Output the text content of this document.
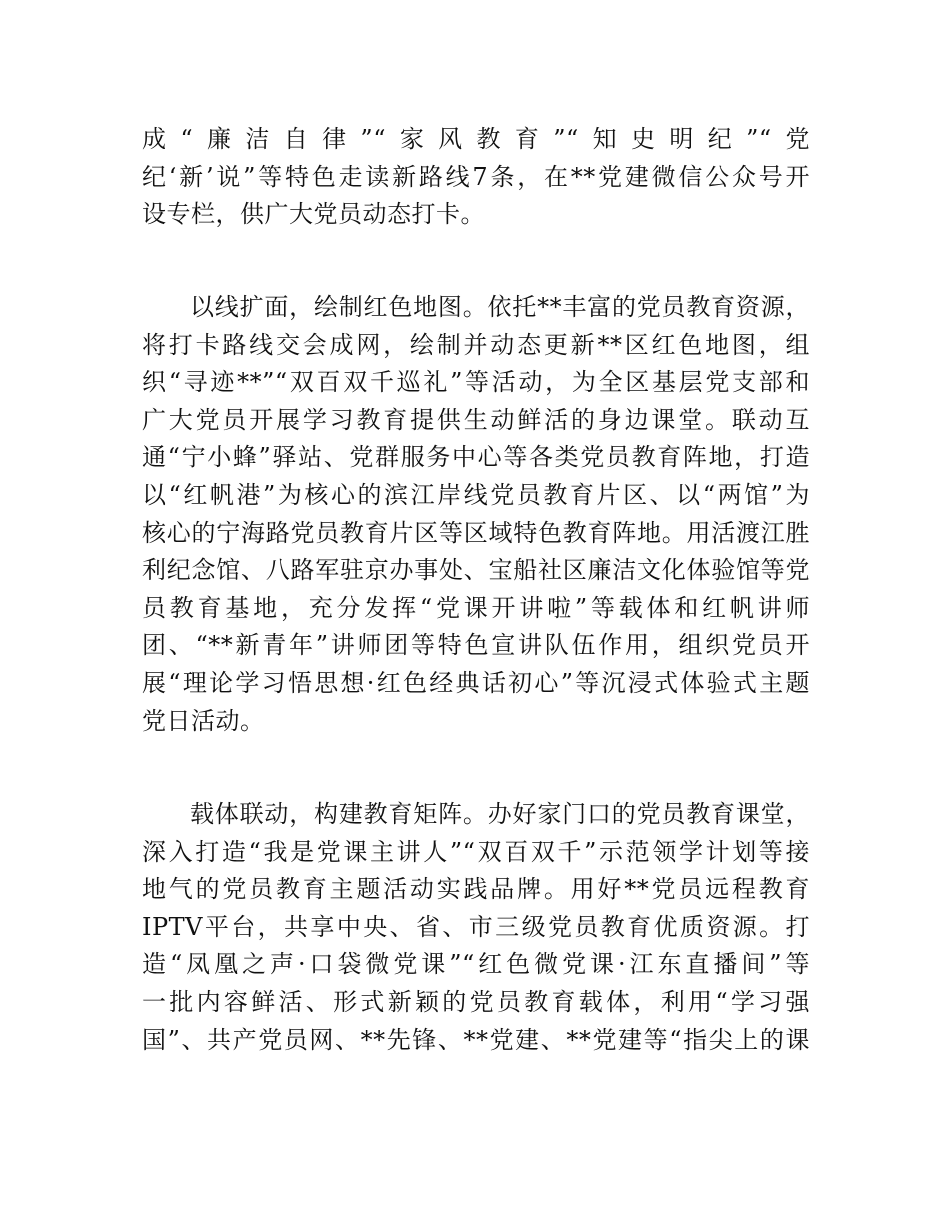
成“廉洁自律”“家风教育”“知史明纪”“党
纪‘新’说”等特色走读新路线7条，在**党建微信公众号开
设专栏，供广大党员动态打卡。
以线扩面，绘制红色地图。依托**丰富的党员教育资源，
将打卡路线交会成网，绘制并动态更新**区红色地图，组
织“寻迹**”“双百双千巡礼”等活动，为全区基层党支部和
广大党员开展学习教育提供生动鲜活的身边课堂。联动互
通“宁小蜂”驿站、党群服务中心等各类党员教育阵地，打造
以“红帆港”为核心的滨江岸线党员教育片区、以“两馆”为
核心的宁海路党员教育片区等区域特色教育阵地。用活渡江胜
利纪念馆、八路军驻京办事处、宝船社区廉洁文化体验馆等党
员教育基地，充分发挥“党课开讲啦”等载体和红帆讲师
团、“**新青年”讲师团等特色宣讲队伍作用，组织党员开
展“理论学习悟思想·红色经典话初心”等沉浸式体验式主题
党日活动。
载体联动，构建教育矩阵。办好家门口的党员教育课堂，
深入打造“我是党课主讲人”“双百双千”示范领学计划等接
地气的党员教育主题活动实践品牌。用好**党员远程教育
IPTV平台，共享中央、省、市三级党员教育优质资源。打
造“凤凰之声·口袋微党课”“红色微党课·江东直播间”等
一批内容鲜活、形式新颖的党员教育载体，利用“学习强
国”、共产党员网、**先锋、**党建、**党建等“指尖上的课
